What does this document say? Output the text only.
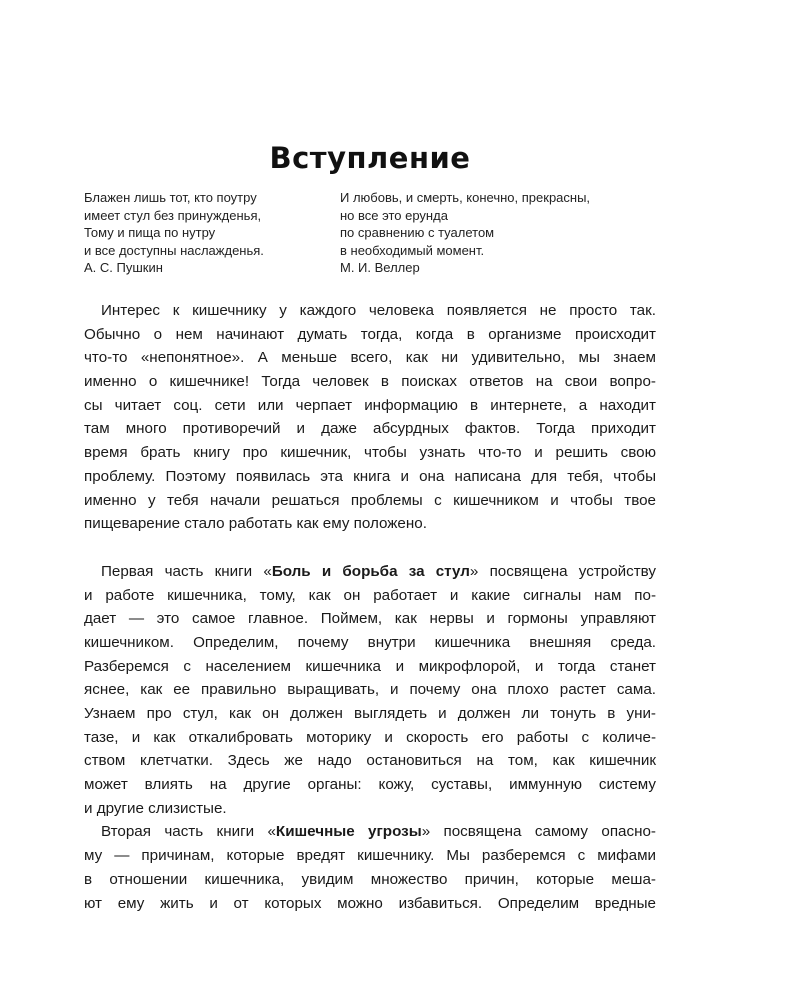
Вступление
Блажен лишь тот, кто поутру
имеет стул без принужденья,
Тому и пища по нутру
и все доступны наслажденья.
А. С. Пушкин
И любовь, и смерть, конечно, прекрасны,
но все это ерунда
по сравнению с туалетом
в необходимый момент.
М. И. Веллер
Интерес к кишечнику у каждого человека появляется не просто так.
Обычно о нем начинают думать тогда, когда в организме происходит
что-то «непонятное». А меньше всего, как ни удивительно, мы знаем
именно о кишечнике! Тогда человек в поисках ответов на свои вопро-
сы читает соц. сети или черпает информацию в интернете, а находит
там много противоречий и даже абсурдных фактов. Тогда приходит
время брать книгу про кишечник, чтобы узнать что-то и решить свою
проблему. Поэтому появилась эта книга и она написана для тебя, чтобы
именно у тебя начали решаться проблемы с кишечником и чтобы твое
пищеварение стало работать как ему положено.
Первая часть книги «Боль и борьба за стул» посвящена устройству
и работе кишечника, тому, как он работает и какие сигналы нам по-
дает — это самое главное. Поймем, как нервы и гормоны управляют
кишечником. Определим, почему внутри кишечника внешняя среда.
Разберемся с населением кишечника и микрофлорой, и тогда станет
яснее, как ее правильно выращивать, и почему она плохо растет сама.
Узнаем про стул, как он должен выглядеть и должен ли тонуть в уни-
тазе, и как откалибровать моторику и скорость его работы с количе-
ством клетчатки. Здесь же надо остановиться на том, как кишечник
может влиять на другие органы: кожу, суставы, иммунную систему
и другие слизистые.
Вторая часть книги «Кишечные угрозы» посвящена самому опасно-
му — причинам, которые вредят кишечнику. Мы разберемся с мифами
в отношении кишечника, увидим множество причин, которые меша-
ют ему жить и от которых можно избавиться. Определим вредные
